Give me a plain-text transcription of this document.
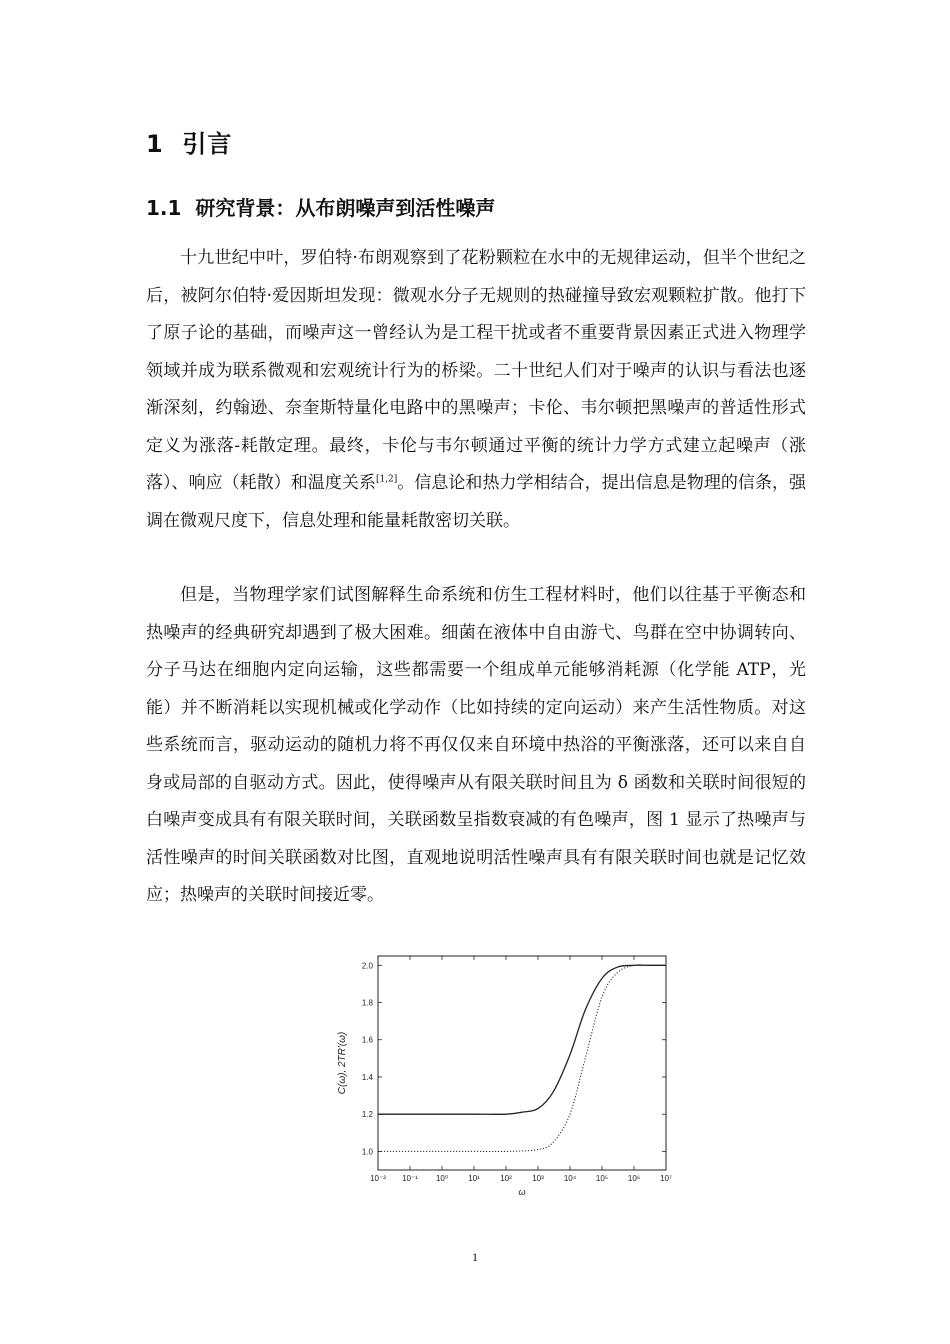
1 引言
1.1 研究背景：从布朗噪声到活性噪声

十九世纪中叶，罗伯特·布朗观察到了花粉颗粒在水中的无规律运动，但半个世纪之后，被阿尔伯特·爱因斯坦发现：微观水分子无规则的热碰撞导致宏观颗粒扩散。他打下了原子论的基础，而噪声这一曾经认为是工程干扰或者不重要背景因素正式进入物理学领域并成为联系微观和宏观统计行为的桥梁。二十世纪人们对于噪声的认识与看法也逐渐深刻，约翰逊、奈奎斯特量化电路中的黑噪声；卡伦、韦尔顿把黑噪声的普适性形式定义为涨落-耗散定理。最终，卡伦与韦尔顿通过平衡的统计力学方式建立起噪声（涨落）、响应（耗散）和温度关系[1,2]。信息论和热力学相结合，提出信息是物理的信条，强调在微观尺度下，信息处理和能量耗散密切关联。

但是，当物理学家们试图解释生命系统和仿生工程材料时，他们以往基于平衡态和热噪声的经典研究却遇到了极大困难。细菌在液体中自由游弋、鸟群在空中协调转向、分子马达在细胞内定向运输，这些都需要一个组成单元能够消耗源（化学能 ATP，光能）并不断消耗以实现机械或化学动作（比如持续的定向运动）来产生活性物质。对这些系统而言，驱动运动的随机力将不再仅仅来自环境中热浴的平衡涨落，还可以来自自身或局部的自驱动方式。因此，使得噪声从有限关联时间且为 δ 函数和关联时间很短的白噪声变成具有有限关联时间，关联函数呈指数衰减的有色噪声，图 1 显示了热噪声与活性噪声的时间关联函数对比图，直观地说明活性噪声具有有限关联时间也就是记忆效应；热噪声的关联时间接近零。

10⁻² 10⁻¹ 10⁰	10¹	10²	10³	10⁴ 10⁵ 10⁶	10⁷
1.0
1.2
1.4
1.6
1.8
2.0
ω
C(ω), 2TR'(ω)
1
